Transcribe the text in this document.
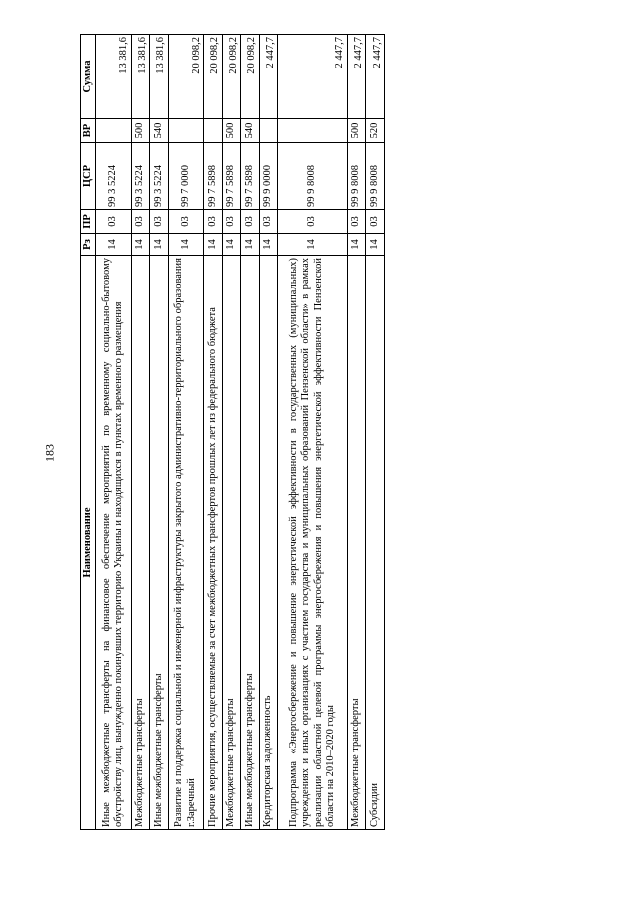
183
Наименование	Рз	ПР	ЦСР	ВР	Сумма
Иные межбюджетные трансферты на финансовое обеспечение мероприятий по временному социально-бытовому обустройству лиц, вынужденно покинувших территорию Украины и находящихся в пунктах временного размещения	14	03	99 3 5224		13 381,6
Межбюджетные трансферты	14	03	99 3 5224	500	13 381,6
Иные межбюджетные трансферты	14	03	99 3 5224	540	13 381,6
Развитие и поддержка социальной и инженерной инфраструктуры закрытого административно-территориального образования г.Заречный	14	03	99 7 0000		20 098,2
Прочие мероприятия, осуществляемые за счет межбюджетных трансфертов прошлых лет из федерального бюджета	14	03	99 7 5898		20 098,2
Межбюджетные трансферты	14	03	99 7 5898	500	20 098,2
Иные межбюджетные трансферты	14	03	99 7 5898	540	20 098,2
Кредиторская задолженность	14	03	99 9 0000		2 447,7
Подпрограмма «Энергосбережение и повышение энергетической эффективности в государственных (муниципальных) учреждениях и иных организациях с участием государства и муниципальных образований Пензенской области» в рамках реализации областной целевой программы энергосбережения и повышения энергетической эффективности Пензенской области на 2010–2020 годы	14	03	99 9 8008		2 447,7
Межбюджетные трансферты	14	03	99 9 8008	500	2 447,7
Субсидии	14	03	99 9 8008	520	2 447,7
